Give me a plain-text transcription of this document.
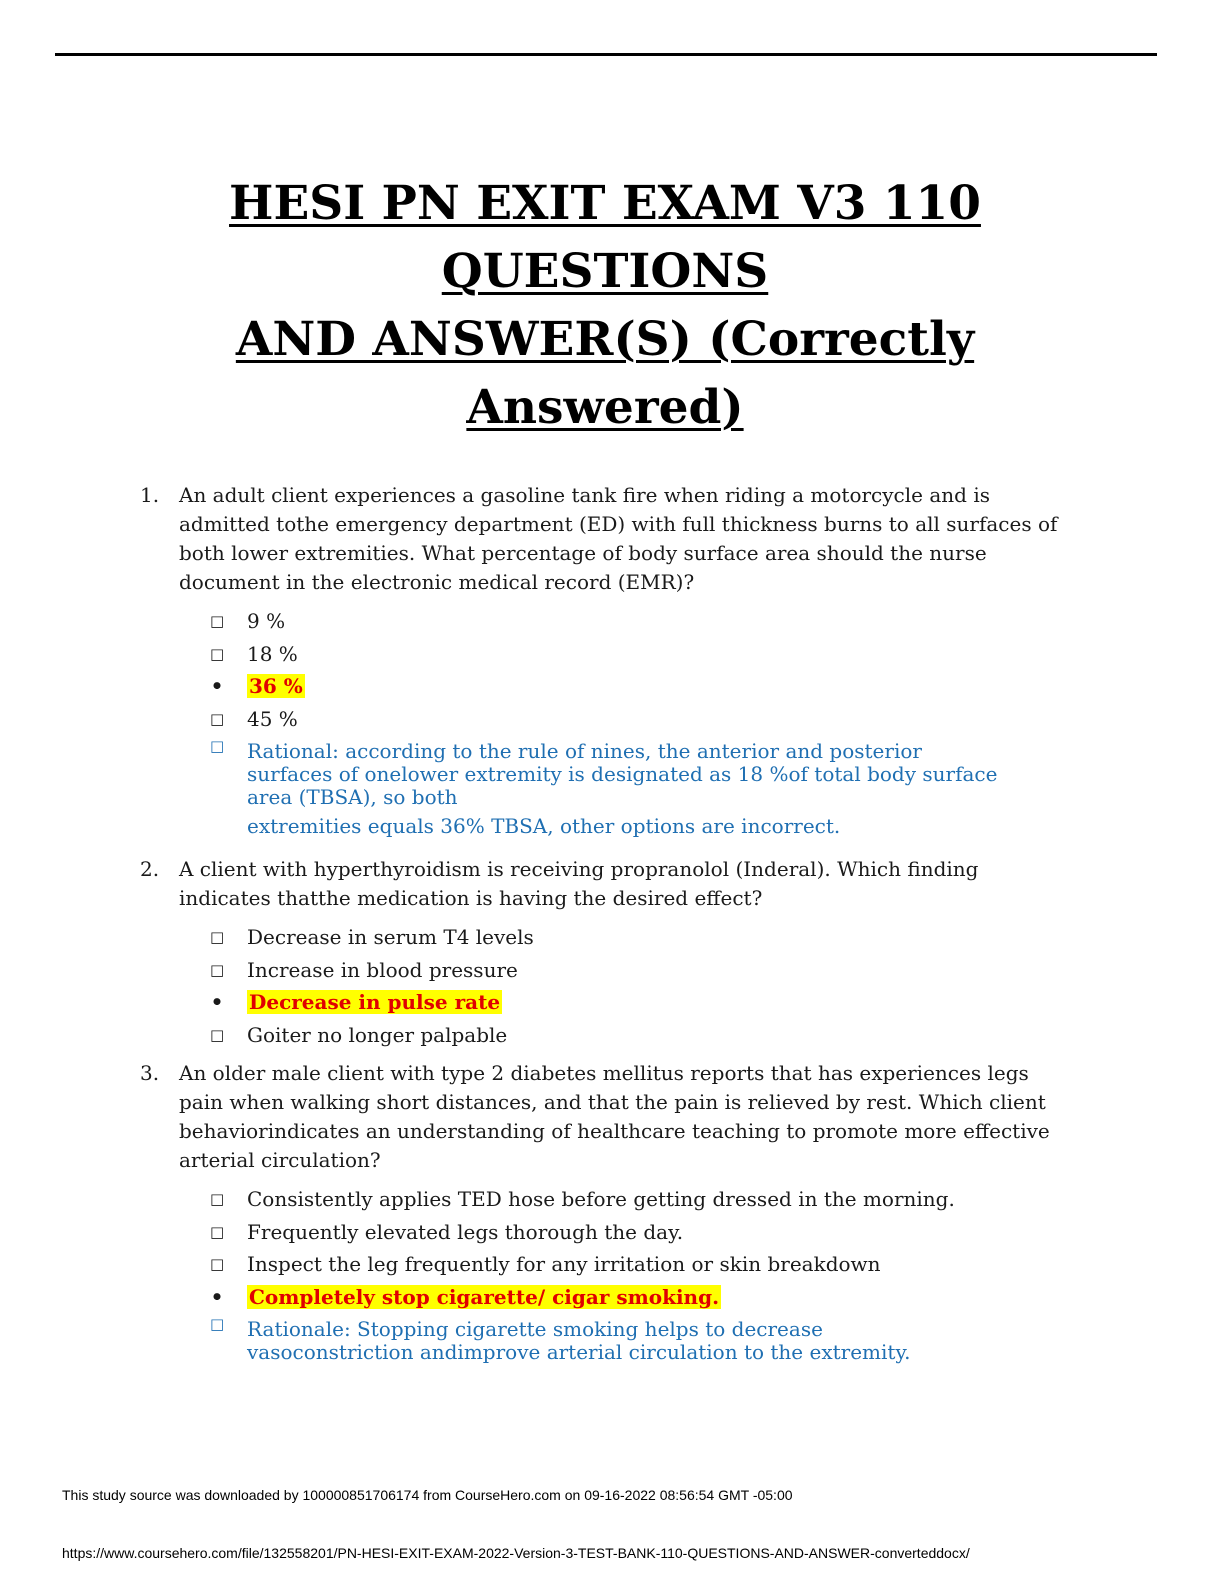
HESI PN EXIT EXAM V3 110
QUESTIONS
AND ANSWER(S) (Correctly
Answered)
1. An adult client experiences a gasoline tank fire when riding a motorcycle and is admitted tothe emergency department (ED) with full thickness burns to all surfaces of both lower extremities. What percentage of body surface area should the nurse document in the electronic medical record (EMR)?
□ 9 %
□ 18 %
• 36 %
□ 45 %
□ Rational: according to the rule of nines, the anterior and posterior
surfaces of onelower extremity is designated as 18 %of total body surface
area (TBSA), so both
extremities equals 36% TBSA, other options are incorrect.
2. A client with hyperthyroidism is receiving propranolol (Inderal). Which finding indicates thatthe medication is having the desired effect?
□ Decrease in serum T4 levels
□ Increase in blood pressure
• Decrease in pulse rate
□ Goiter no longer palpable
3. An older male client with type 2 diabetes mellitus reports that has experiences legs pain when walking short distances, and that the pain is relieved by rest. Which client behaviorindicates an understanding of healthcare teaching to promote more effective arterial circulation?
□ Consistently applies TED hose before getting dressed in the morning.
□ Frequently elevated legs thorough the day.
□ Inspect the leg frequently for any irritation or skin breakdown
• Completely stop cigarette/ cigar smoking.
□ Rationale: Stopping cigarette smoking helps to decrease
vasoconstriction andimprove arterial circulation to the extremity.
This study source was downloaded by 100000851706174 from CourseHero.com on 09-16-2022 08:56:54 GMT -05:00
https://www.coursehero.com/file/132558201/PN-HESI-EXIT-EXAM-2022-Version-3-TEST-BANK-110-QUESTIONS-AND-ANSWER-converteddocx/
